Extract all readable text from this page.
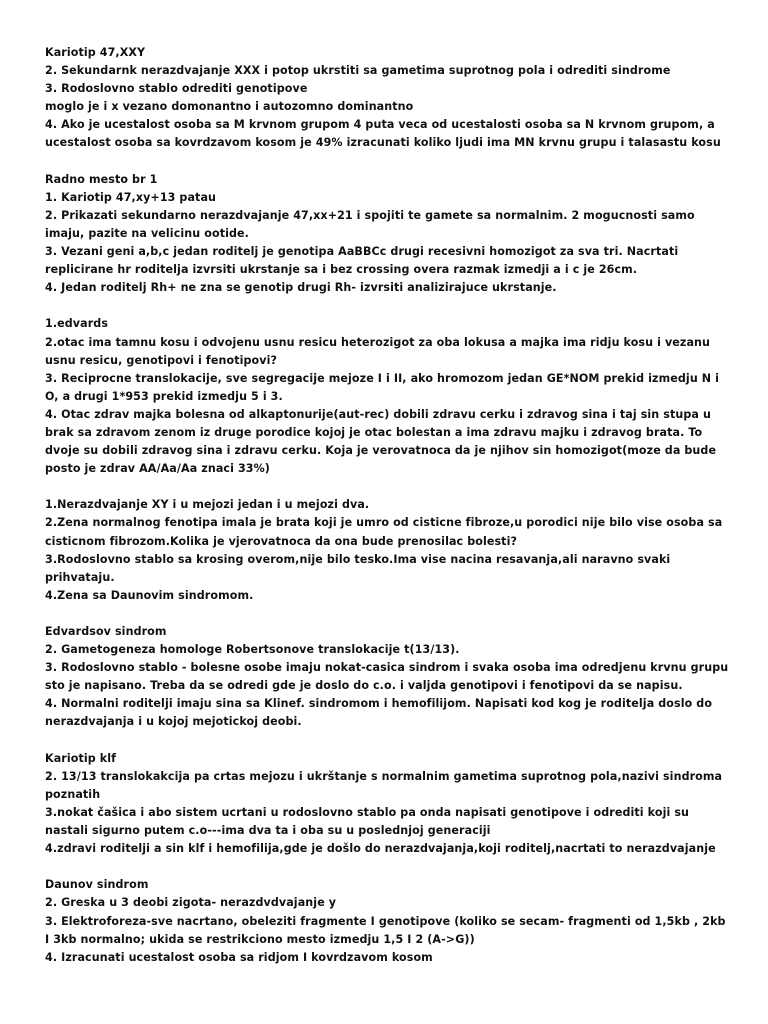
Kariotip 47,XXY
2. Sekundarnk nerazdvajanje XXX i potop ukrstiti sa gametima suprotnog pola i odrediti sindrome
3. Rodoslovno stablo odrediti genotipove
moglo je i x vezano domonantno i autozomno dominantno
4. Ako je ucestalost osoba sa M krvnom grupom 4 puta veca od ucestalosti osoba sa N krvnom grupom, a ucestalost osoba sa kovrdzavom kosom je 49% izracunati koliko ljudi ima MN krvnu grupu i talasastu kosu
Radno mesto br 1
1. Kariotip 47,xy+13 patau
2. Prikazati sekundarno nerazdvajanje 47,xx+21 i spojiti te gamete sa normalnim. 2 mogucnosti samo imaju, pazite na velicinu ootide.
3. Vezani geni a,b,c jedan roditelj je genotipa AaBBCc drugi recesivni homozigot za sva tri. Nacrtati replicirane hr roditelja izvrsiti ukrstanje sa i bez crossing overa razmak izmedji a i c je 26cm.
4. Jedan roditelj Rh+ ne zna se genotip drugi Rh- izvrsiti analizirajuce ukrstanje.
1.edvards
2.otac ima tamnu kosu i odvojenu usnu resicu heterozigot za oba lokusa a majka ima ridju kosu i vezanu usnu resicu, genotipovi i fenotipovi?
3. Reciprocne translokacije, sve segregacije mejoze I i II, ako hromozom jedan GE*NOM prekid izmedju N i O, a drugi 1*953 prekid izmedju 5 i 3.
4. Otac zdrav majka bolesna od alkaptonurije(aut-rec) dobili zdravu cerku i zdravog sina i taj sin stupa u brak sa zdravom zenom iz druge porodice kojoj je otac bolestan a ima zdravu majku i zdravog brata. To dvoje su dobili zdravog sina i zdravu cerku. Koja je verovatnoca da je njihov sin homozigot(moze da bude posto je zdrav AA/Aa/Aa znaci 33%)
1.Nerazdvajanje XY i u mejozi jedan i u mejozi dva.
2.Zena normalnog fenotipa imala je brata koji je umro od cisticne fibroze,u porodici nije bilo vise osoba sa cisticnom fibrozom.Kolika je vjerovatnoca da ona bude prenosilac bolesti?
3.Rodoslovno stablo sa krosing overom,nije bilo tesko.Ima vise nacina resavanja,ali naravno svaki prihvataju.
4.Zena sa Daunovim sindromom.
Edvardsov sindrom
2. Gametogeneza homologe Robertsonove translokacije t(13/13).
3. Rodoslovno stablo - bolesne osobe imaju nokat-casica sindrom i svaka osoba ima odredjenu krvnu grupu sto je napisano. Treba da se odredi gde je doslo do c.o. i valjda genotipovi i fenotipovi da se napisu.
4. Normalni roditelji imaju sina sa Klinef. sindromom i hemofilijom. Napisati kod kog je roditelja doslo do nerazdvajanja i u kojoj mejotickoj deobi.
Kariotip klf
2. 13/13 translokakcija pa crtas mejozu i ukrštanje s normalnim gametima suprotnog pola,nazivi sindroma poznatih
3.nokat čašica i abo sistem ucrtani u rodoslovno stablo pa onda napisati genotipove i odrediti koji su nastali sigurno putem c.o---ima dva ta i oba su u poslednjoj generaciji
4.zdravi roditelji a sin klf i hemofilija,gde je došlo do nerazdvajanja,koji roditelj,nacrtati to nerazdvajanje
Daunov sindrom
2. Greska u 3 deobi zigota- nerazdvdvajanje y
3. Elektroforeza-sve nacrtano, obeleziti fragmente I genotipove (koliko se secam- fragmenti od 1,5kb , 2kb I 3kb normalno; ukida se restrikciono mesto izmedju 1,5 I 2 (A->G))
4. Izracunati ucestalost osoba sa ridjom I kovrdzavom kosom
